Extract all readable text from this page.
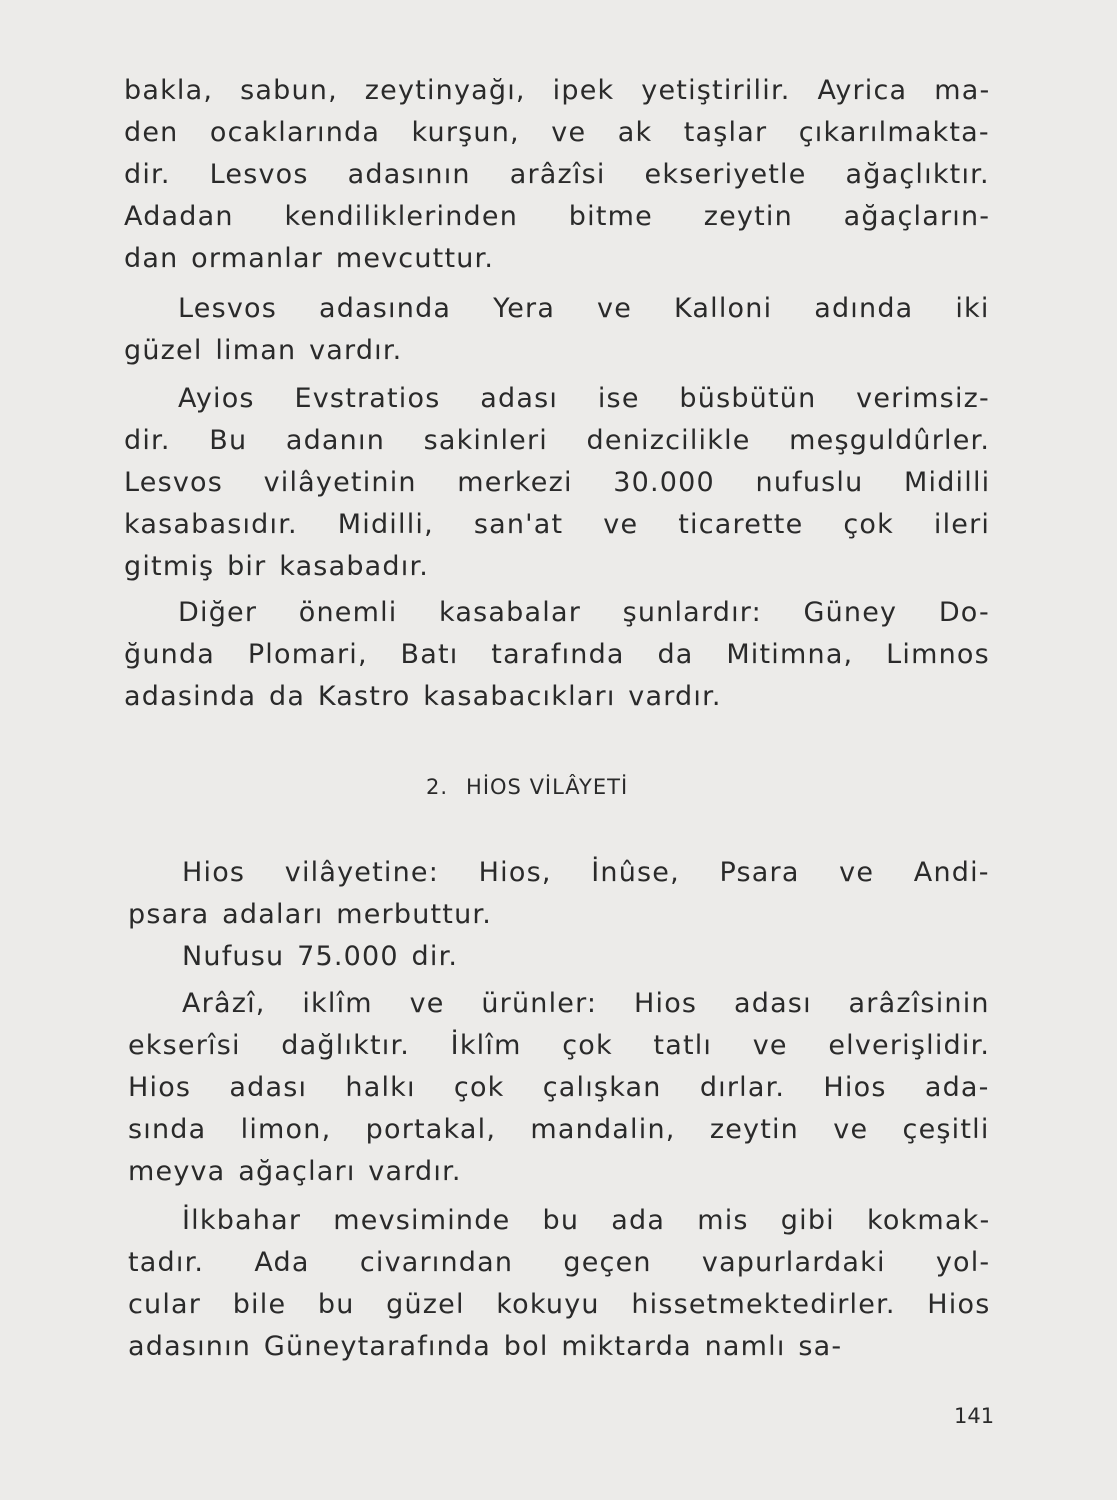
bakla, sabun, zeytinyağı, ipek yetiştirilir. Ayrica ma-
den ocaklarında kurşun, ve ak taşlar çıkarılmakta-
dir. Lesvos adasının arâzîsi ekseriyetle ağaçlıktır.
Adadan kendiliklerinden bitme zeytin ağaçların-
dan ormanlar mevcuttur.
Lesvos adasında Yera ve Kalloni adında iki
güzel liman vardır.
Ayios Evstratios adası ise büsbütün verimsiz-
dir. Bu adanın sakinleri denizcilikle meşguldûrler.
Lesvos vilâyetinin merkezi 30.000 nufuslu Midilli
kasabasıdır. Midilli, san'at ve ticarette çok ileri
gitmiş bir kasabadır.
Diğer önemli kasabalar şunlardır: Güney Do-
ğunda Plomari, Batı tarafında da Mitimna, Limnos
adasinda da Kastro kasabacıkları vardır.
2. HİOS VİLÂYETİ
Hios vilâyetine: Hios, İnûse, Psara ve Andi-
psara adaları merbuttur.
Nufusu 75.000 dir.
Arâzî, iklîm ve ürünler: Hios adası arâzîsinin
ekserîsi dağlıktır. İklîm çok tatlı ve elverişlidir.
Hios adası halkı çok çalışkan dırlar. Hios ada-
sında limon, portakal, mandalin, zeytin ve çeşitli
meyva ağaçları vardır.
İlkbahar mevsiminde bu ada mis gibi kokmak-
tadır. Ada civarından geçen vapurlardaki yol-
cular bile bu güzel kokuyu hissetmektedirler. Hios
adasının Güneytarafında bol miktarda namlı sa-
141
